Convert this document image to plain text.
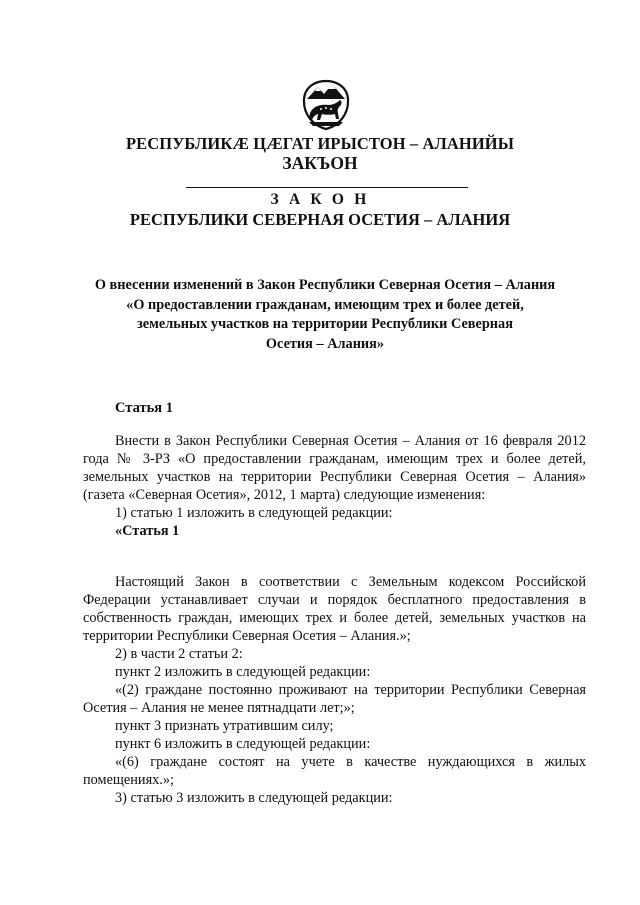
РЕСПУБЛИКӔ ЦӔГАТ ИРЫСТОН – АЛАНИЙЫ
ЗАКЪОН
З А К О Н
РЕСПУБЛИКИ СЕВЕРНАЯ ОСЕТИЯ – АЛАНИЯ
О внесении изменений в Закон Республики Северная Осетия – Алания
«О предоставлении гражданам, имеющим трех и более детей,
земельных участков на территории Республики Северная
Осетия – Алания»
Статья 1

Внести в Закон Республики Северная Осетия – Алания от 16 февраля 2012 года № 3-РЗ «О предоставлении гражданам, имеющим трех и более детей, земельных участков на территории Республики Северная Осетия – Алания» (газета «Северная Осетия», 2012, 1 марта) следующие изменения:

1) статью 1 изложить в следующей редакции:

«Статья 1

Настоящий Закон в соответствии с Земельным кодексом Российской Федерации устанавливает случаи и порядок бесплатного предоставления в собственность граждан, имеющих трех и более детей, земельных участков на территории Республики Северная Осетия – Алания.»;

2) в части 2 статьи 2:

пункт 2 изложить в следующей редакции:

«(2) граждане постоянно проживают на территории Республики Северная Осетия – Алания не менее пятнадцати лет;»;

пункт 3 признать утратившим силу;

пункт 6 изложить в следующей редакции:

«(6) граждане состоят на учете в качестве нуждающихся в жилых помещениях.»;

3) статью 3 изложить в следующей редакции:
